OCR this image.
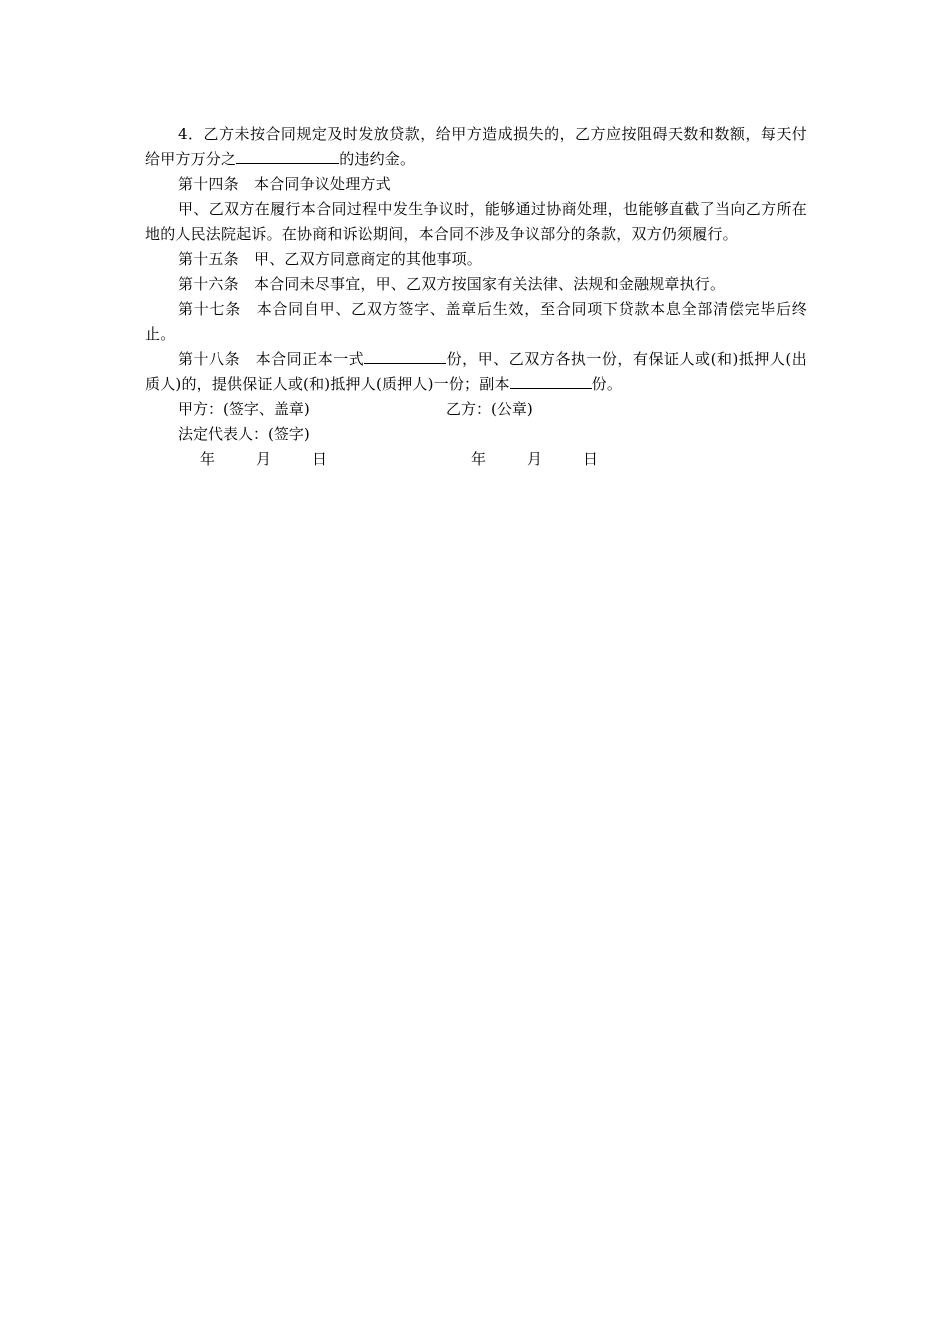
4．乙方未按合同规定及时发放贷款，给甲方造成损失的，乙方应按阻碍天数和数额，每天付给甲方万分之	的违约金。

第十四条　本合同争议处理方式

甲、乙双方在履行本合同过程中发生争议时，能够通过协商处理，也能够直截了当向乙方所在地的人民法院起诉。在协商和诉讼期间，本合同不涉及争议部分的条款，双方仍须履行。

第十五条　甲、乙双方同意商定的其他事项。

第十六条　本合同未尽事宜，甲、乙双方按国家有关法律、法规和金融规章执行。

第十七条　本合同自甲、乙双方签字、盖章后生效，至合同项下贷款本息全部清偿完毕后终止。

第十八条　本合同正本一式	份，甲、乙双方各执一份，有保证人或(和)抵押人(出质人)的，提供保证人或(和)抵押人(质押人)一份；副本	份。

甲方：(签字、盖章)	乙方：(公章)
法定代表人：(签字)
年	月	日	年	月	日
